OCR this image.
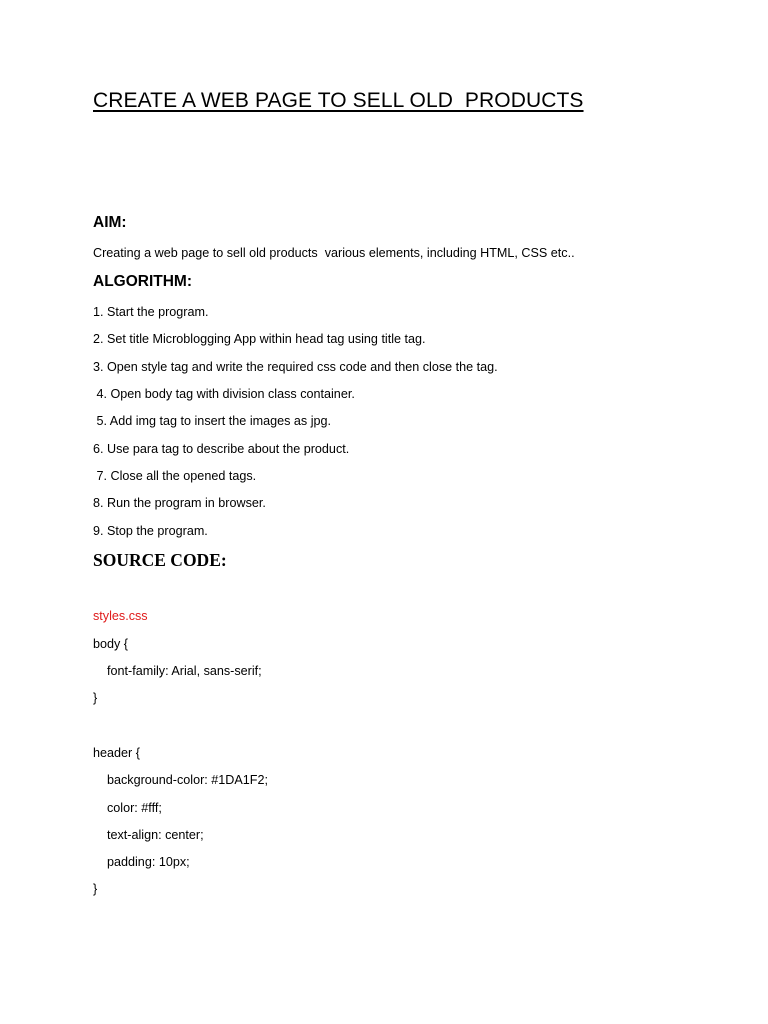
CREATE A WEB PAGE TO SELL OLD  PRODUCTS
AIM:
Creating a web page to sell old products  various elements, including HTML, CSS etc..
ALGORITHM:
1. Start the program.
2. Set title Microblogging App within head tag using title tag.
3. Open style tag and write the required css code and then close the tag.
4. Open body tag with division class container.
5. Add img tag to insert the images as jpg.
6. Use para tag to describe about the product.
7. Close all the opened tags.
8. Run the program in browser.
9. Stop the program.
SOURCE CODE:
styles.css
body {
font-family: Arial, sans-serif;
}
header {
background-color: #1DA1F2;
color: #fff;
text-align: center;
padding: 10px;
}
